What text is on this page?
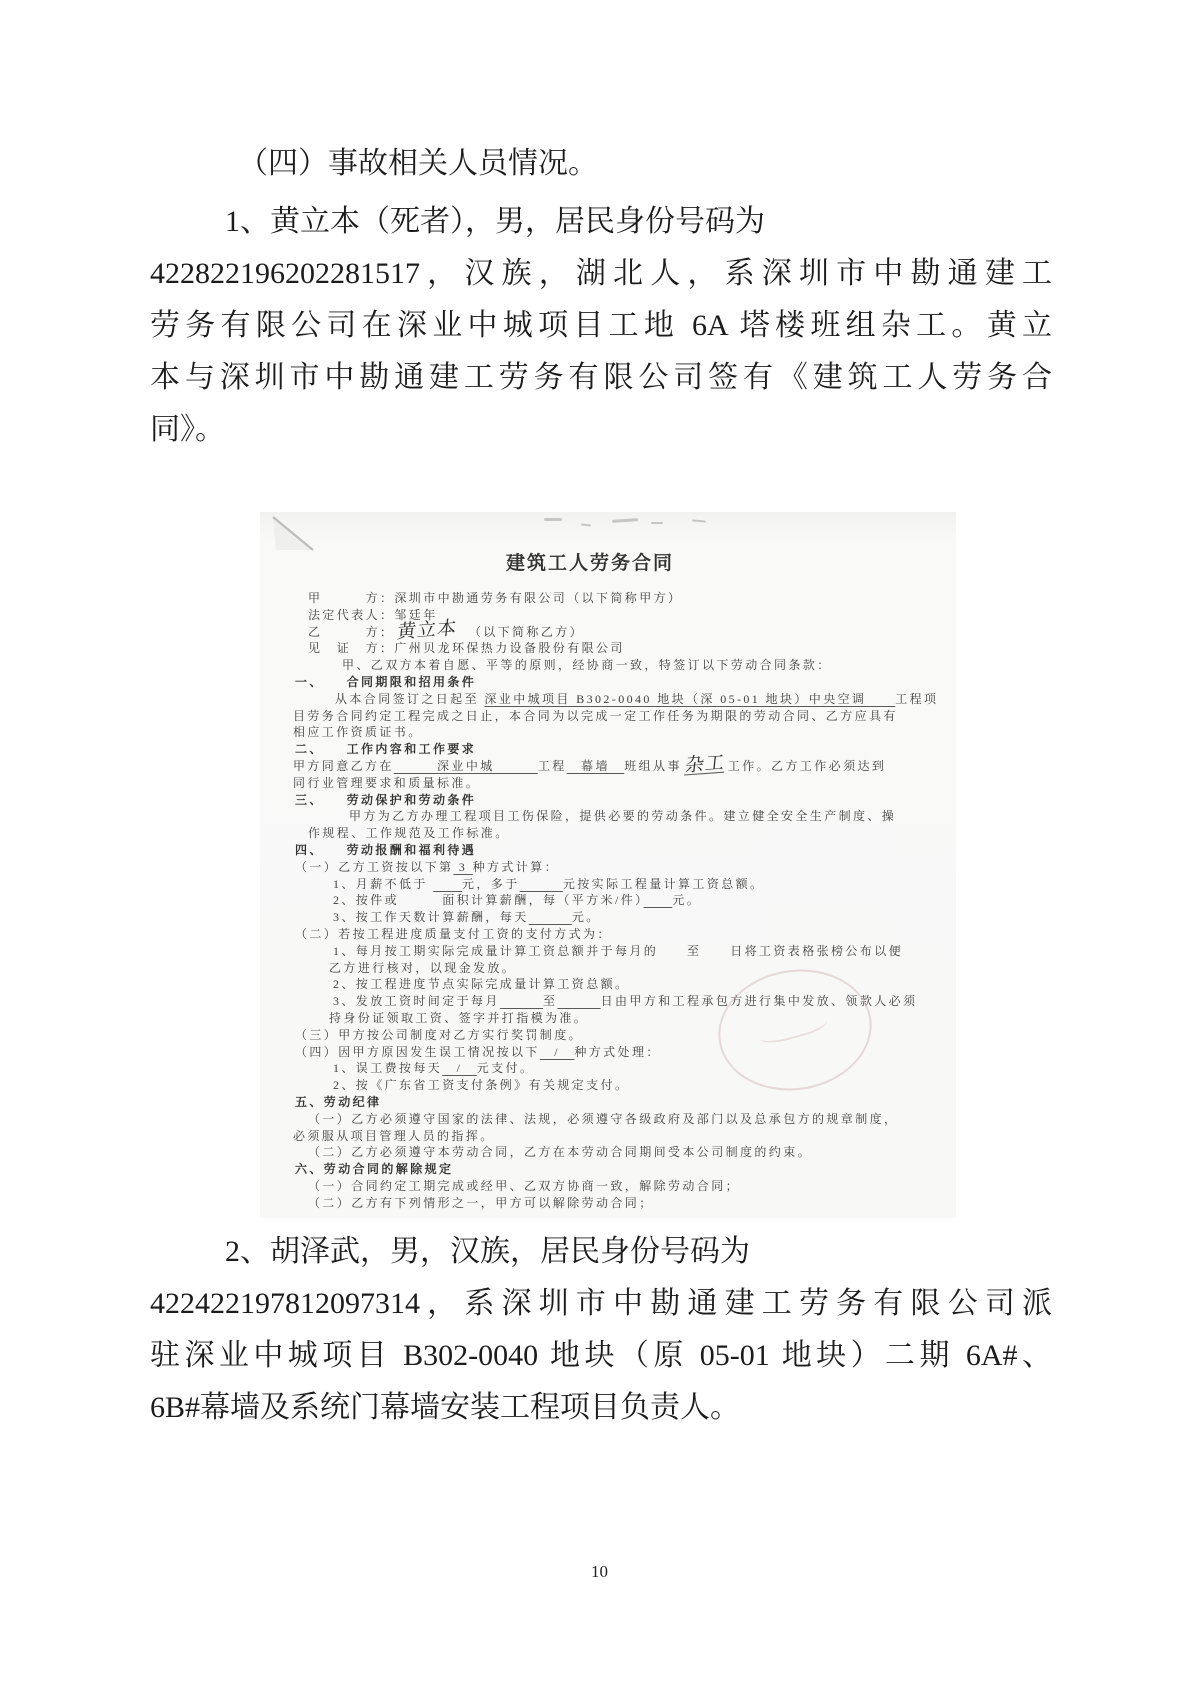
（四）事故相关人员情况。
1、黄立本（死者），男，居民身份号码为
422822196202281517，汉族，湖北人，系深圳市中勘通建工
劳务有限公司在深业中城项目工地 6A 塔楼班组杂工。黄立
本与深圳市中勘通建工劳务有限公司签有《建筑工人劳务合
同》。
建筑工人劳务合同
甲　　　方：深圳市中勘通劳务有限公司（以下简称甲方）
法定代表人：邹廷年
乙　　　方： 黄立本　（以下简称乙方）
见　证　方：广州贝龙环保热力设备股份有限公司
甲、乙双方本着自愿、平等的原则，经协商一致，特签订以下劳动合同条款：
一、　　合同期限和招用条件
从本合同签订之日起至 深业中城项目 B302-0040 地块（深 05-01 地块）中央空调　　工程项
目劳务合同约定工程完成之日止，本合同为以完成一定工作任务为期限的劳动合同、乙方应具有
相应工作资质证书。
二、　　工作内容和工作要求
甲方同意乙方在　　　深业中城　　　工程　幕墙　班组从事 杂工 工作。乙方工作必须达到
同行业管理要求和质量标准。
三、　　劳动保护和劳动条件
甲方为乙方办理工程项目工伤保险，提供必要的劳动条件。建立健全安全生产制度、操
作规程、工作规范及工作标准。
四、　　劳动报酬和福利待遇
（一）乙方工资按以下第 3 种方式计算：
1、月薪不低于 　　元，多于　　　	元按实际工程量计算工资总额。
2、按件或　　　面积计算薪酬，每（平方米/件）　　 元。
3、按工作天数计算薪酬，每天　　　	元。
（二）若按工程进度质量支付工资的支付方式为：
1、每月按工期实际完成量计算工资总额并于每月的　　至　　日将工资表格张榜公布以便
乙方进行核对，以现金发放。
2、按工程进度节点实际完成量计算工资总额。
3、发放工资时间定于每月　　　	至　　　	日由甲方和工程承包方进行集中发放、领款人必须
持身份证领取工资、签字并打指模为准。
（三）甲方按公司制度对乙方实行奖罚制度。
（四）因甲方原因发生误工情况按以下　/　种方式处理：
1、误工费按每天　/　元支付。
2、按《广东省工资支付条例》有关规定支付。
五、劳动纪律
（一）乙方必须遵守国家的法律、法规，必须遵守各级政府及部门以及总承包方的规章制度，
必须服从项目管理人员的指挥。
（二）乙方必须遵守本劳动合同，乙方在本劳动合同期间受本公司制度的约束。
六、劳动合同的解除规定
（一）合同约定工期完成或经甲、乙双方协商一致，解除劳动合同；
（二）乙方有下列情形之一，甲方可以解除劳动合同；
2、胡泽武，男，汉族，居民身份号码为
422422197812097314，系深圳市中勘通建工劳务有限公司派
驻深业中城项目 B302-0040 地块（原 05-01 地块）二期 6A#、
6B#幕墙及系统门幕墙安装工程项目负责人。
10
